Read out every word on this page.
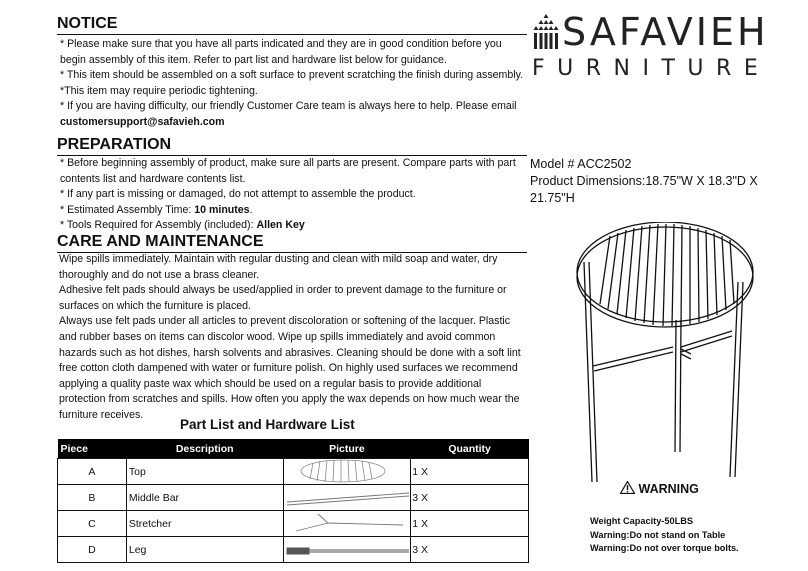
NOTICE

* Please make sure that you have all parts indicated and they are in good condition before you begin assembly of this item. Refer to part list and hardware list below for guidance.

* This item should be assembled on a soft surface to prevent scratching the finish during assembly.

*This item may require periodic tightening.

* If you are having difficulty, our friendly Customer Care team is always here to help. Please email

customersupport@safavieh.com

PREPARATION

* Before beginning assembly of product, make sure all parts are present. Compare parts with part contents list and hardware contents list.

* If any part is missing or damaged, do not attempt to assemble the product.

* Estimated Assembly Time: 10 minutes.

* Tools Required for Assembly (included): Allen Key

CARE AND MAINTENANCE

Wipe spills immediately. Maintain with regular dusting and clean with mild soap and water, dry thoroughly and do not use a brass cleaner.

Adhesive felt pads should always be used/applied in order to prevent damage to the furniture or surfaces on which the furniture is placed.

Always use felt pads under all articles to prevent discoloration or softening of the lacquer. Plastic and rubber bases on items can discolor wood. Wipe up spills immediately and avoid common hazards such as hot dishes, harsh solvents and abrasives. Cleaning should be done with a soft lint free cotton cloth dampened with water or furniture polish. On highly used surfaces we recommend applying a quality paste wax which should be used on a regular basis to provide additional protection from scratches and spills. How often you apply the wax depends on how much wear the furniture receives.

SAFAVIEH
FURNITURE

Model # ACC2502

Product Dimensions:18.75"W X 18.3"D X 21.75"H

Part List and Hardware List
Piece	Description	Picture	Quantity
A	Top		1 X
B	Middle Bar		3 X
C	Stretcher		1 X
D	Leg		3 X
WARNING

Weight Capacity-50LBS

Warning:Do not stand on Table

Warning:Do not over torque bolts.
